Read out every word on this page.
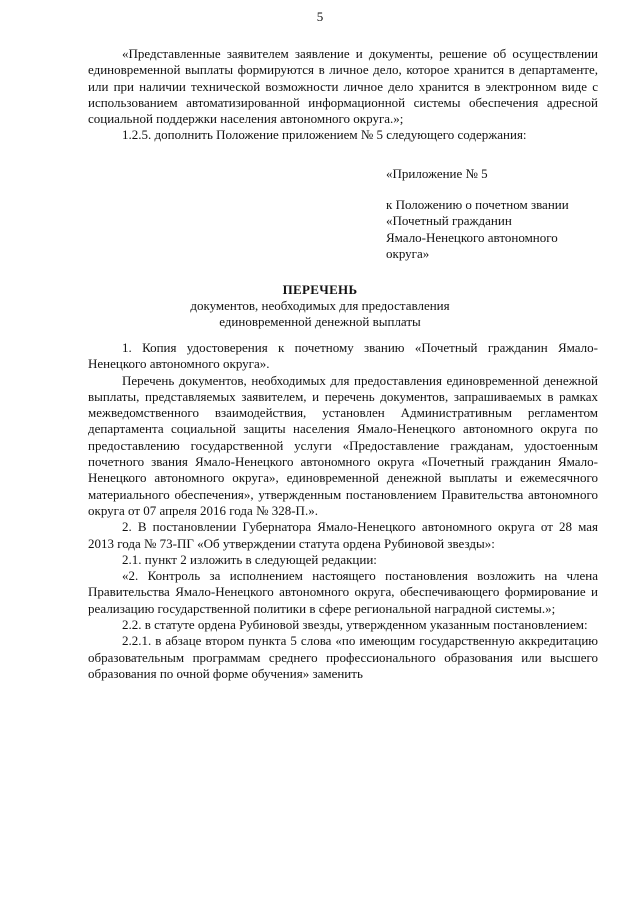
5

«Представленные заявителем заявление и документы, решение об осуществлении единовременной выплаты формируются в личное дело, которое хранится в департаменте, или при наличии технической возможности личное дело хранится в электронном виде с использованием автоматизированной информационной системы обеспечения адресной социальной поддержки населения автономного округа.»;

1.2.5. дополнить Положение приложением № 5 следующего содержания:

«Приложение № 5
к Положению о почетном звании
«Почетный гражданин
Ямало-Ненецкого автономного
округа»
ПЕРЕЧЕНЬ
документов, необходимых для предоставления
единовременной денежной выплаты

1. Копия удостоверения к почетному званию «Почетный гражданин Ямало-Ненецкого автономного округа».

Перечень документов, необходимых для предоставления единовременной денежной выплаты, представляемых заявителем, и перечень документов, запрашиваемых в рамках межведомственного взаимодействия, установлен Административным регламентом департамента социальной защиты населения Ямало-Ненецкого автономного округа по предоставлению государственной услуги «Предоставление гражданам, удостоенным почетного звания Ямало-Ненецкого автономного округа «Почетный гражданин Ямало-Ненецкого автономного округа», единовременной денежной выплаты и ежемесячного материального обеспечения», утвержденным постановлением Правительства автономного округа от 07 апреля 2016 года № 328-П.».

2. В постановлении Губернатора Ямало-Ненецкого автономного округа от 28 мая 2013 года № 73-ПГ «Об утверждении статута ордена Рубиновой звезды»:

2.1. пункт 2 изложить в следующей редакции:

«2. Контроль за исполнением настоящего постановления возложить на члена Правительства Ямало-Ненецкого автономного округа, обеспечивающего формирование и реализацию государственной политики в сфере региональной наградной системы.»;

2.2. в статуте ордена Рубиновой звезды, утвержденном указанным постановлением:

2.2.1. в абзаце втором пункта 5 слова «по имеющим государственную аккредитацию образовательным программам среднего профессионального образования или высшего образования по очной форме обучения» заменить
